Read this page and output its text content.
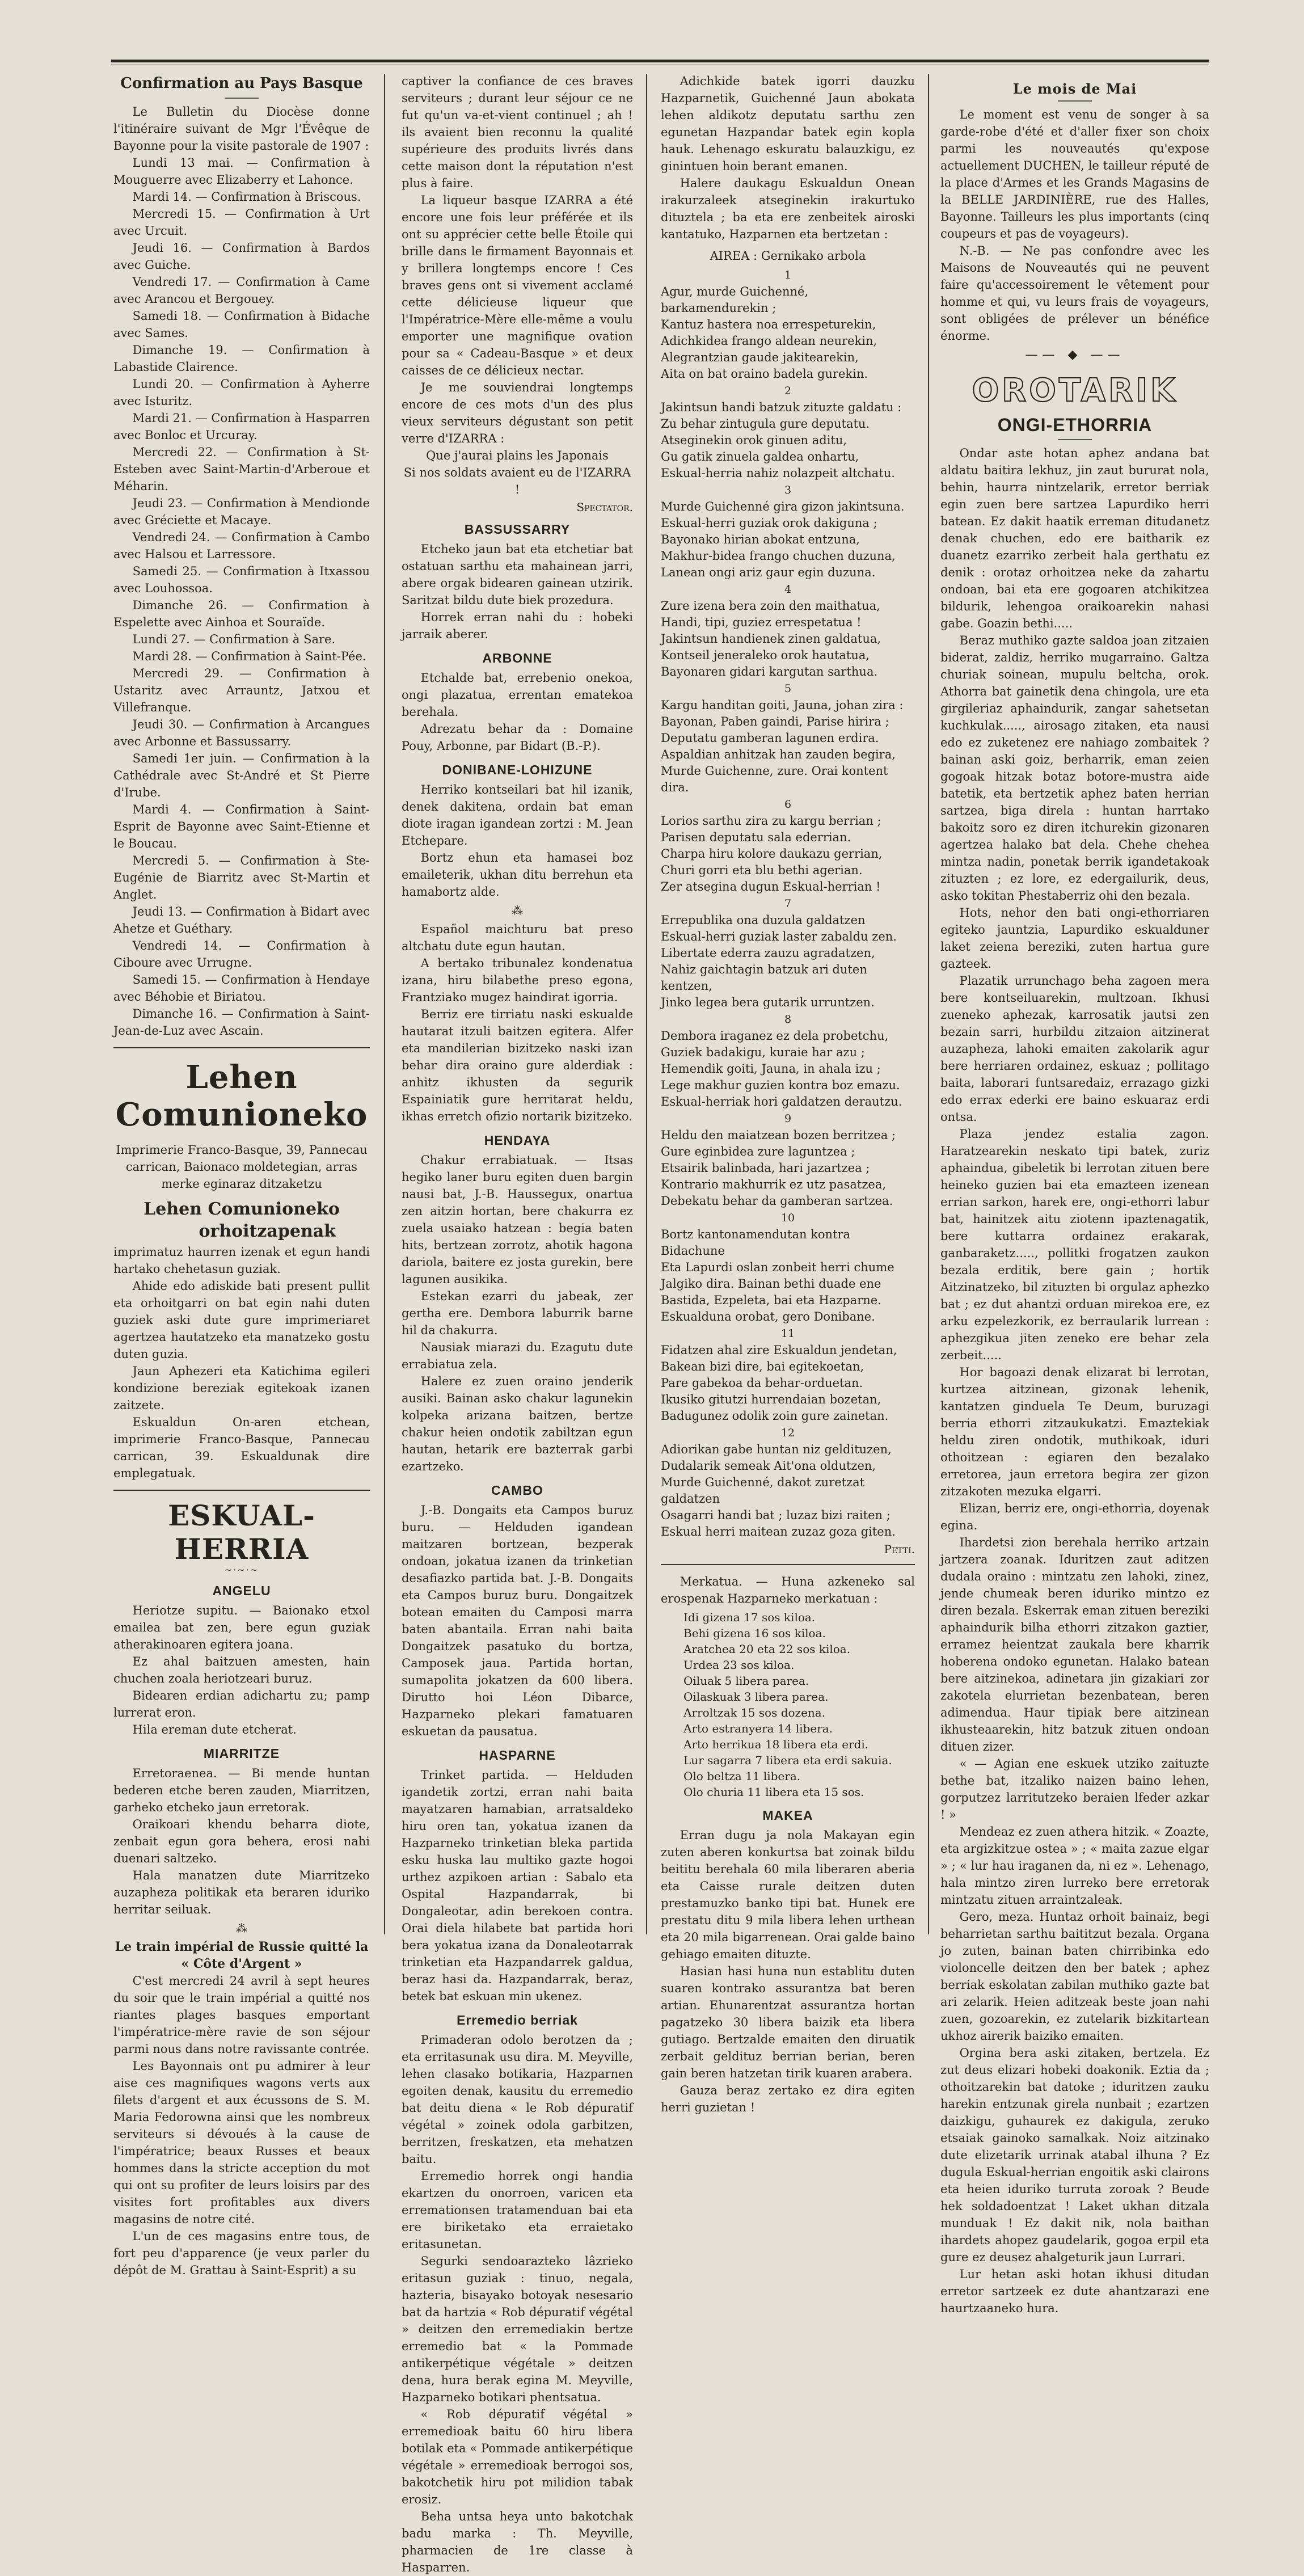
Confirmation au Pays Basque

Le Bulletin du Diocèse donne l'itinéraire suivant de Mgr l'Évêque de Bayonne pour la visite pastorale de 1907 :

Lundi 13 mai. — Confirmation à Mouguerre avec Elizaberry et Lahonce.

Mardi 14. — Confirmation à Briscous.

Mercredi 15. — Confirmation à Urt avec Urcuit.

Jeudi 16. — Confirmation à Bardos avec Guiche.

Vendredi 17. — Confirmation à Came avec Arancou et Bergouey.

Samedi 18. — Confirmation à Bidache avec Sames.

Dimanche 19. — Confirmation à Labastide Clairence.

Lundi 20. — Confirmation à Ayherre avec Isturitz.

Mardi 21. — Confirmation à Hasparren avec Bonloc et Urcuray.

Mercredi 22. — Confirmation à St-Esteben avec Saint-Martin-d'Arberoue et Méharin.

Jeudi 23. — Confirmation à Mendionde avec Gréciette et Macaye.

Vendredi 24. — Confirmation à Cambo avec Halsou et Larressore.

Samedi 25. — Confirmation à Itxassou avec Louhossoa.

Dimanche 26. — Confirmation à Espelette avec Ainhoa et Souraïde.

Lundi 27. — Confirmation à Sare.

Mardi 28. — Confirmation à Saint-Pée.

Mercredi 29. — Confirmation à Ustaritz avec Arrauntz, Jatxou et Villefranque.

Jeudi 30. — Confirmation à Arcangues avec Arbonne et Bassussarry.

Samedi 1er juin. — Confirmation à la Cathédrale avec St-André et St Pierre d'Irube.

Mardi 4. — Confirmation à Saint-Esprit de Bayonne avec Saint-Etienne et le Boucau.

Mercredi 5. — Confirmation à Ste-Eugénie de Biarritz avec St-Martin et Anglet.

Jeudi 13. — Confirmation à Bidart avec Ahetze et Guéthary.

Vendredi 14. — Confirmation à Ciboure avec Urrugne.

Samedi 15. — Confirmation à Hendaye avec Béhobie et Biriatou.

Dimanche 16. — Confirmation à Saint-Jean-de-Luz avec Ascain.

Lehen Comunioneko

Imprimerie Franco-Basque, 39, Pannecau carrican, Baionaco moldetegian, arras merke eginaraz ditzaketzu

Lehen Comunioneko
orhoitzapenak

imprimatuz haurren izenak et egun handi hartako chehetasun guziak.

Ahide edo adiskide bati present pullit eta orhoitgarri on bat egin nahi duten guziek aski dute gure imprimeriaret agertzea hautatzeko eta manatzeko gostu duten guzia.

Jaun Aphezeri eta Katichima egileri kondizione bereziak egitekoak izanen zaitzete.

Eskualdun On-aren etchean, imprimerie Franco-Basque, Pannecau carrican, 39. Eskualdunak dire emplegatuak.

ESKUAL-HERRIA
~·~·~
ANGELU

Heriotze supitu. — Baionako etxol emailea bat zen, bere egun guziak atherakinoaren egitera joana.

Ez ahal baitzuen amesten, hain chuchen zoala heriotzeari buruz.

Bidearen erdian adichartu zu; pamp lurrerat eron.

Hila ereman dute etcherat.

MIARRITZE

Erretoraenea. — Bi mende huntan bederen etche beren zauden, Miarritzen, garheko etcheko jaun erretorak.

Oraikoari khendu beharra diote, zenbait egun gora behera, erosi nahi duenari saltzeko.

Hala manatzen dute Miarritzeko auzapheza politikak eta beraren iduriko herritar seiluak.

⁂

Le train impérial de Russie quitté la « Côte d'Argent »

C'est mercredi 24 avril à sept heures du soir que le train impérial a quitté nos riantes plages basques emportant l'impératrice-mère ravie de son séjour parmi nous dans notre ravissante contrée.

Les Bayonnais ont pu admirer à leur aise ces magnifiques wagons verts aux filets d'argent et aux écussons de S. M. Maria Fedorowna ainsi que les nombreux serviteurs si dévoués à la cause de l'impératrice; beaux Russes et beaux hommes dans la stricte acception du mot qui ont su profiter de leurs loisirs par des visites fort profitables aux divers magasins de notre cité.

L'un de ces magasins entre tous, de fort peu d'apparence (je veux parler du dépôt de M. Grattau à Saint-Esprit) a su

captiver la confiance de ces braves serviteurs ; durant leur séjour ce ne fut qu'un va-et-vient continuel ; ah ! ils avaient bien reconnu la qualité supérieure des produits livrés dans cette maison dont la réputation n'est plus à faire.

La liqueur basque IZARRA a été encore une fois leur préférée et ils ont su apprécier cette belle Étoile qui brille dans le firmament Bayonnais et y brillera longtemps encore ! Ces braves gens ont si vivement acclamé cette délicieuse liqueur que l'Impératrice-Mère elle-même a voulu emporter une magnifique ovation pour sa « Cadeau-Basque » et deux caisses de ce délicieux nectar.

Je me souviendrai longtemps encore de ces mots d'un des plus vieux serviteurs dégustant son petit verre d'IZARRA :

Que j'aurai plains les Japonais

Si nos soldats avaient eu de l'IZARRA !

Spectator.
BASSUSSARRY

Etcheko jaun bat eta etchetiar bat ostatuan sarthu eta mahainean jarri, abere orgak bidearen gainean utzirik. Saritzat bildu dute biek prozedura.

Horrek erran nahi du : hobeki jarraik aberer.

ARBONNE

Etchalde bat, errebenio onekoa, ongi plazatua, errentan ematekoa berehala.

Adrezatu behar da : Domaine Pouy, Arbonne, par Bidart (B.-P.).

DONIBANE-LOHIZUNE

Herriko kontseilari bat hil izanik, denek dakitena, ordain bat eman diote iragan igandean zortzi : M. Jean Etchepare.

Bortz ehun eta hamasei boz emaileterik, ukhan ditu berrehun eta hamabortz alde.

⁂

Español maichturu bat preso altchatu dute egun hautan.

A bertako tribunalez kondenatua izana, hiru bilabethe preso egona, Frantziako mugez haindirat igorria.

Berriz ere tirriatu naski eskualde hautarat itzuli baitzen egitera. Alfer eta mandilerian bizitzeko naski izan behar dira oraino gure alderdiak : anhitz ikhusten da segurik Espainiatik gure herritarat heldu, ikhas erretch ofizio nortarik bizitzeko.

HENDAYA

Chakur errabiatuak. — Itsas hegiko laner buru egiten duen bargin nausi bat, J.-B. Haussegux, onartua zen aitzin hortan, bere chakurra ez zuela usaiako hatzean : begia baten hits, bertzean zorrotz, ahotik hagona dariola, baitere ez josta gurekin, bere lagunen ausikika.

Estekan ezarri du jabeak, zer gertha ere. Dembora laburrik barne hil da chakurra.

Nausiak miarazi du. Ezagutu dute errabiatua zela.

Halere ez zuen oraino jenderik ausiki. Bainan asko chakur lagunekin kolpeka arizana baitzen, bertze chakur heien ondotik zabiltzan egun hautan, hetarik ere bazterrak garbi ezartzeko.

CAMBO

J.-B. Dongaits eta Campos buruz buru. — Helduden igandean maitzaren bortzean, bezperak ondoan, jokatua izanen da trinketian desafiazko partida bat. J.-B. Dongaits eta Campos buruz buru. Dongaitzek botean emaiten du Camposi marra baten abantaila. Erran nahi baita Dongaitzek pasatuko du bortza, Camposek jaua. Partida hortan, sumapolita jokatzen da 600 libera. Dirutto hoi Léon Dibarce, Hazparneko plekari famatuaren eskuetan da pausatua.

HASPARNE

Trinket partida. — Helduden igandetik zortzi, erran nahi baita mayatzaren hamabian, arratsaldeko hiru oren tan, yokatua izanen da Hazparneko trinketian bleka partida esku huska lau multiko gazte hogoi urthez azpikoen artian : Sabalo eta Ospital Hazpandarrak, bi Dongaleotar, adin berekoen contra. Orai diela hilabete bat partida hori bera yokatua izana da Donaleotarrak trinketian eta Hazpandarrek galdua, beraz hasi da. Hazpandarrak, beraz, betek bat eskuan min ukenez.

Erremedio berriak

Primaderan odolo berotzen da ; eta erritasunak usu dira. M. Meyville, lehen clasako botikaria, Hazparnen egoiten denak, kausitu du erremedio bat deitu diena « le Rob dépuratif végétal » zoinek odola garbitzen, berritzen, freskatzen, eta mehatzen baitu.

Erremedio horrek ongi handia ekartzen du onorroen, varicen eta erremationsen tratamenduan bai eta ere biriketako eta erraietako eritasunetan.

Segurki sendoarazteko lâzrieko eritasun guziak : tinuo, negala, hazteria, bisayako botoyak nesesario bat da hartzia « Rob dépuratif végétal » deitzen den erremediakin bertze erremedio bat « la Pommade antikerpétique végétale » deitzen dena, hura berak egina M. Meyville, Hazparneko botikari phentsatua.

« Rob dépuratif végétal » erremedioak baitu 60 hiru libera botilak eta « Pommade antikerpétique végétale » erremedioak berrogoi sos, bakotchetik hiru pot milidion tabak erosiz.

Beha untsa heya unto bakotchak badu marka : Th. Meyville, pharmacien de 1re classe à Hasparren.

Adichkide batek igorri dauzku Hazparnetik, Guichenné Jaun abokata lehen aldikotz deputatu sarthu zen egunetan Hazpandar batek egin kopla hauk. Lehenago eskuratu balauzkigu, ez ginintuen hoin berant emanen.

Halere daukagu Eskualdun Onean irakurzaleek atseginekin irakurtuko dituztela ; ba eta ere zenbeitek airoski kantatuko, Hazparnen eta bertzetan :

AIREA : Gernikako arbola

1
Agur, murde Guichenné, barkamendurekin ;
Kantuz hastera noa errespeturekin,
Adichkidea frango aldean neurekin,
Alegrantzian gaude jakitearekin,
Aita on bat oraino badela gurekin.
2
Jakintsun handi batzuk zituzte galdatu :
Zu behar zintugula gure deputatu.
Atseginekin orok ginuen aditu,
Gu gatik zinuela galdea onhartu,
Eskual-herria nahiz nolazpeit altchatu.
3
Murde Guichenné gira gizon jakintsuna.
Eskual-herri guziak orok dakiguna ;
Bayonako hirian abokat entzuna,
Makhur-bidea frango chuchen duzuna,
Lanean ongi ariz gaur egin duzuna.
4
Zure izena bera zoin den maithatua,
Handi, tipi, guziez errespetatua !
Jakintsun handienek zinen galdatua,
Kontseil jeneraleko orok hautatua,
Bayonaren gidari kargutan sarthua.
5
Kargu handitan goiti, Jauna, johan zira :
Bayonan, Paben gaindi, Parise hirira ;
Deputatu gamberan lagunen erdira.
Aspaldian anhitzak han zauden begira,
Murde Guichenne, zure. Orai kontent dira.
6
Lorios sarthu zira zu kargu berrian ;
Parisen deputatu sala ederrian.
Charpa hiru kolore daukazu gerrian,
Churi gorri eta blu bethi agerian.
Zer atsegina dugun Eskual-herrian !
7
Errepublika ona duzula galdatzen
Eskual-herri guziak laster zabaldu zen.
Libertate ederra zauzu agradatzen,
Nahiz gaichtagin batzuk ari duten kentzen,
Jinko legea bera gutarik urruntzen.
8
Dembora iraganez ez dela probetchu,
Guziek badakigu, kuraie har azu ;
Hemendik goiti, Jauna, in ahala izu ;
Lege makhur guzien kontra boz emazu.
Eskual-herriak hori galdatzen derautzu.
9
Heldu den maiatzean bozen berritzea ;
Gure eginbidea zure laguntzea ;
Etsairik balinbada, hari jazartzea ;
Kontrario makhurrik ez utz pasatzea,
Debekatu behar da gamberan sartzea.
10
Bortz kantonamendutan kontra Bidachune
Eta Lapurdi oslan zonbeit herri chume
Jalgiko dira. Bainan bethi duade ene
Bastida, Ezpeleta, bai eta Hazparne.
Eskualduna orobat, gero Donibane.
11
Fidatzen ahal zire Eskualdun jendetan,
Bakean bizi dire, bai egitekoetan,
Pare gabekoa da behar-orduetan.
Ikusiko gitutzi hurrendaian bozetan,
Badugunez odolik zoin gure zainetan.
12
Adiorikan gabe huntan niz geldituzen,
Dudalarik semeak Ait'ona oldutzen,
Murde Guichenné, dakot zuretzat galdatzen
Osagarri handi bat ; luzaz bizi raiten ;
Eskual herri maitean zuzaz goza giten.
Petti.

Merkatua. — Huna azkeneko sal erospenak Hazparneko merkatuan :

Idi gizena 17 sos kiloa.
Behi gizena 16 sos kiloa.
Aratchea 20 eta 22 sos kiloa.
Urdea 23 sos kiloa.
Oiluak 5 libera parea.
Oilaskuak 3 libera parea.
Arroltzak 15 sos dozena.
Arto estranyera 14 libera.
Arto herrikua 18 libera eta erdi.
Lur sagarra 7 libera eta erdi sakuia.
Olo beltza 11 libera.
Olo churia 11 libera eta 15 sos.
MAKEA

Erran dugu ja nola Makayan egin zuten aberen konkurtsa bat zoinak bildu beititu berehala 60 mila liberaren aberia eta Caisse rurale deitzen duten prestamuzko banko tipi bat. Hunek ere prestatu ditu 9 mila libera lehen urthean eta 20 mila bigarrenean. Orai galde baino gehiago emaiten dituzte.

Hasian hasi huna nun establitu duten suaren kontrako assurantza bat beren artian. Ehunarentzat assurantza hortan pagatzeko 30 libera baizik eta libera gutiago. Bertzalde emaiten den diruatik zerbait geldituz berrian berian, beren gain beren hatzetan tirik kuaren arabera.

Gauza beraz zertako ez dira egiten herri guzietan !

Le mois de Mai

Le moment est venu de songer à sa garde-robe d'été et d'aller fixer son choix parmi les nouveautés qu'expose actuellement DUCHEN, le tailleur réputé de la place d'Armes et les Grands Magasins de la BELLE JARDINIÈRE, rue des Halles, Bayonne. Tailleurs les plus importants (cinq coupeurs et pas de voyageurs).

N.-B. — Ne pas confondre avec les Maisons de Nouveautés qui ne peuvent faire qu'accessoirement le vêtement pour homme et qui, vu leurs frais de voyageurs, sont obligées de prélever un bénéfice énorme.

—— ◆ ——
OROTARIK
ONGI-ETHORRIA

Ondar aste hotan aphez andana bat aldatu baitira lekhuz, jin zaut bururat nola, behin, haurra nintzelarik, erretor berriak egin zuen bere sartzea Lapurdiko herri batean. Ez dakit haatik erreman ditudanetz denak chuchen, edo ere baitharik ez duanetz ezarriko zerbeit hala gerthatu ez denik : orotaz orhoitzea neke da zahartu ondoan, bai eta ere gogoaren atchikitzea bildurik, lehengoa oraikoarekin nahasi gabe. Goazin bethi.....

Beraz muthiko gazte saldoa joan zitzaien biderat, zaldiz, herriko mugarraino. Galtza churiak soinean, mupulu beltcha, orok. Athorra bat gainetik dena chingola, ure eta girgileriaz aphaindurik, zangar sahetsetan kuchkulak....., airosago zitaken, eta nausi edo ez zuketenez ere nahiago zombaitek ? bainan aski goiz, berharrik, eman zeien gogoak hitzak botaz botore-mustra aide batetik, eta bertzetik aphez baten herrian sartzea, biga direla : huntan harrtako bakoitz soro ez diren itchurekin gizonaren agertzea halako bat dela. Chehe chehea mintza nadin, ponetak berrik igandetakoak zituzten ; ez lore, ez edergailurik, deus, asko tokitan Phestaberriz ohi den bezala.

Hots, nehor den bati ongi-ethorriaren egiteko jauntzia, Lapurdiko eskualduner laket zeiena bereziki, zuten hartua gure gazteek.

Plazatik urrunchago beha zagoen mera bere kontseiluarekin, multzoan. Ikhusi zueneko aphezak, karrosatik jautsi zen bezain sarri, hurbildu zitzaion aitzinerat auzapheza, lahoki emaiten zakolarik agur bere herriaren ordainez, eskuaz ; pollitago baita, laborari funtsaredaiz, errazago gizki edo errax ederki ere baino eskuaraz erdi ontsa.

Plaza jendez estalia zagon. Haratzearekin neskato tipi batek, zuriz aphaindua, gibeletik bi lerrotan zituen bere heineko guzien bai eta emazteen izenean errian sarkon, harek ere, ongi-ethorri labur bat, hainitzek aitu ziotenn ipaztenagatik, bere kuttarra ordainez erakarak, ganbaraketz....., pollitki frogatzen zaukon bezala erditik, bere gain ; hortik Aitzinatzeko, bil zituzten bi orgulaz aphezko bat ; ez dut ahantzi orduan mirekoa ere, ez arku ezpelezkorik, ez berraularik lurrean : aphezgikua jiten zeneko ere behar zela zerbeit.....

Hor bagoazi denak elizarat bi lerrotan, kurtzea aitzinean, gizonak lehenik, kantatzen ginduela Te Deum, buruzagi berria ethorri zitzaukukatzi. Emaztekiak heldu ziren ondotik, muthikoak, iduri othoitzean : egiaren den bezalako erretorea, jaun erretora begira zer gizon zitzakoten mezuka elgarri.

Elizan, berriz ere, ongi-ethorria, doyenak egina.

Ihardetsi zion berehala herriko artzain jartzera zoanak. Iduritzen zaut aditzen dudala oraino : mintzatu zen lahoki, zinez, jende chumeak beren iduriko mintzo ez diren bezala. Eskerrak eman zituen bereziki aphaindurik bilha ethorri zitzakon gaztier, erramez heientzat zaukala bere kharrik hoberena ondoko egunetan. Halako batean bere aitzinekoa, adinetara jin gizakiari zor zakotela elurrietan bezenbatean, beren adimendua. Haur tipiak bere aitzinean ikhusteaarekin, hitz batzuk zituen ondoan dituen zizer.

« — Agian ene eskuek utziko zaituzte bethe bat, itzaliko naizen baino lehen, gorputzez larritutzeko beraien lfeder azkar ! »

Mendeaz ez zuen athera hitzik. « Zoazte, eta argizkitzue ostea » ; « maita zazue elgar » ; « lur hau iraganen da, ni ez ». Lehenago, hala mintzo ziren lurreko bere erretorak mintzatu zituen arraintzaleak.

Gero, meza. Huntaz orhoit bainaiz, begi beharrietan sarthu baititzut bezala. Organa jo zuten, bainan baten chirribinka edo violoncelle deitzen den ber batek ; aphez berriak eskolatan zabilan muthiko gazte bat ari zelarik. Heien aditzeak beste joan nahi zuen, gozoarekin, ez zutelarik bizkitartean ukhoz airerik baiziko emaiten.

Orgina bera aski zitaken, bertzela. Ez zut deus elizari hobeki doakonik. Eztia da ; othoitzarekin bat datoke ; iduritzen zauku harekin entzunak girela nunbait ; ezartzen daizkigu, guhaurek ez dakigula, zeruko etsaiak gainoko samalkak. Noiz aitzinako dute elizetarik urrinak atabal ilhuna ? Ez dugula Eskual-herrian engoitik aski clairons eta heien iduriko turruta zoroak ? Beude hek soldadoentzat ! Laket ukhan ditzala munduak ! Ez dakit nik, nola baithan ihardets ahopez gaudelarik, gogoa erpil eta gure ez deusez ahalgeturik jaun Lurrari.

Lur hetan aski hotan ikhusi ditudan erretor sartzeek ez dute ahantzarazi ene haurtzaaneko hura.
